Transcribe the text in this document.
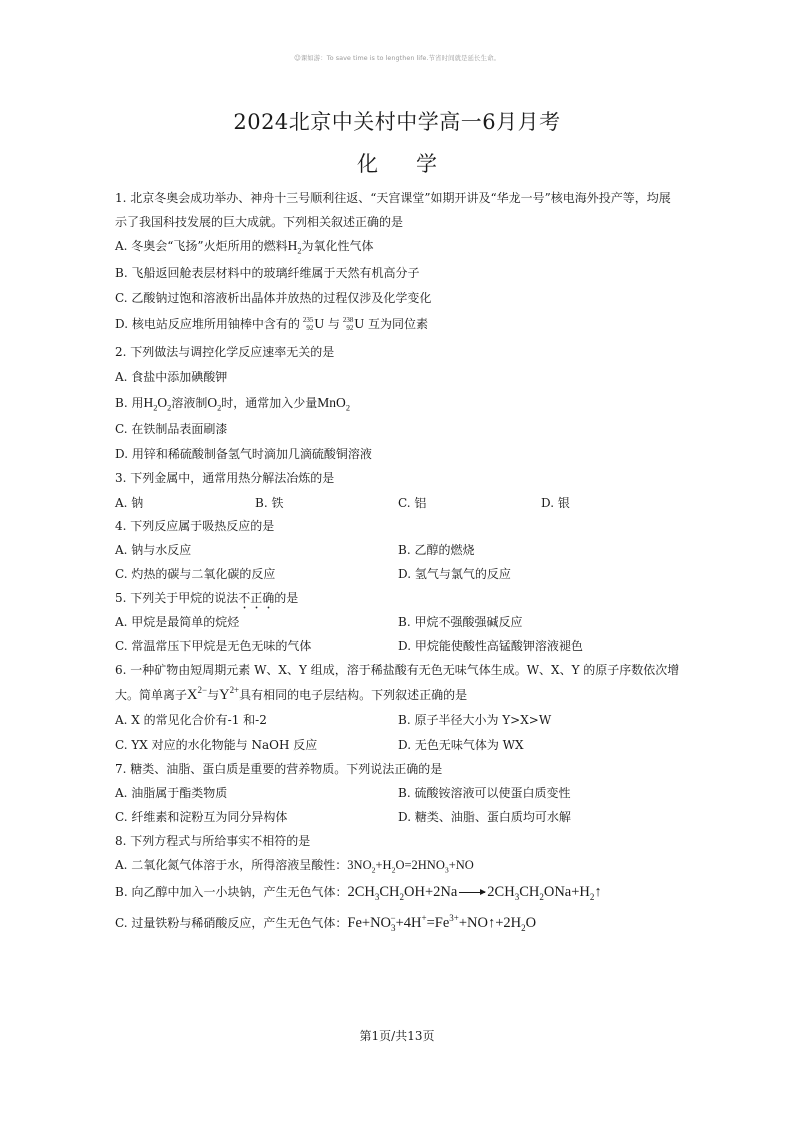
☺课如游：To save time is to lengthen life.节省时间就是延长生命。
2024北京中关村中学高一6月月考
化 学
1. 北京冬奥会成功举办、神舟十三号顺利往返、“天宫课堂”如期开讲及“华龙一号”核电海外投产等，均展
示了我国科技发展的巨大成就。下列相关叙述正确的是
A. 冬奥会“飞扬”火炬所用的燃料$H_2$为氧化性气体
B. 飞船返回舱表层材料中的玻璃纤维属于天然有机高分子
C. 乙酸钠过饱和溶液析出晶体并放热的过程仅涉及化学变化
D. 核电站反应堆所用铀棒中含有的 235
92U 与 238
92U 互为同位素
2. 下列做法与调控化学反应速率无关的是
A. 食盐中添加碘酸钾
B. 用$H_2O_2$溶液制$O_2$时，通常加入少量MnO$_2$
C. 在铁制品表面刷漆
D. 用锌和稀硫酸制备氢气时滴加几滴硫酸铜溶液
3. 下列金属中，通常用热分解法冶炼的是
A. 钠	B. 铁	C. 铝	D. 银
4. 下列反应属于吸热反应的是
A. 钠与水反应	B. 乙醇的燃烧
C. 灼热的碳与二氧化碳的反应	D. 氢气与氯气的反应
5. 下列关于甲烷的说法不正确的是
A. 甲烷是最简单的烷烃	B. 甲烷不强酸强碱反应
C. 常温常压下甲烷是无色无味的气体	D. 甲烷能使酸性高锰酸钾溶液褪色
6. 一种矿物由短周期元素 W、X、Y 组成，溶于稀盐酸有无色无味气体生成。W、X、Y 的原子序数依次增
大。简单离子$X^{2-}$与$Y^{2+}$具有相同的电子层结构。下列叙述正确的是
A. X 的常见化合价有-1 和-2	B. 原子半径大小为 Y>X>W
C. YX 对应的水化物能与 NaOH 反应	D. 无色无味气体为 WX
7. 糖类、油脂、蛋白质是重要的营养物质。下列说法正确的是
A. 油脂属于酯类物质	B. 硫酸铵溶液可以使蛋白质变性
C. 纤维素和淀粉互为同分异构体	D. 糖类、油脂、蛋白质均可水解
8. 下列方程式与所给事实不相符的是
A. 二氧化氮气体溶于水，所得溶液呈酸性：$3NO_2+H_2O=2HNO_3+NO$
B. 向乙醇中加入一小块钠，产生无色气体：$2CH_3CH_2OH+2Na$ → $2CH_3CH_2ONa+H_2↑$
C. 过量铁粉与稀硝酸反应，产生无色气体：$Fe+NO_3^-+4H^+=Fe^{3+}+NO↑+2H_2O$
第1页/共13页
